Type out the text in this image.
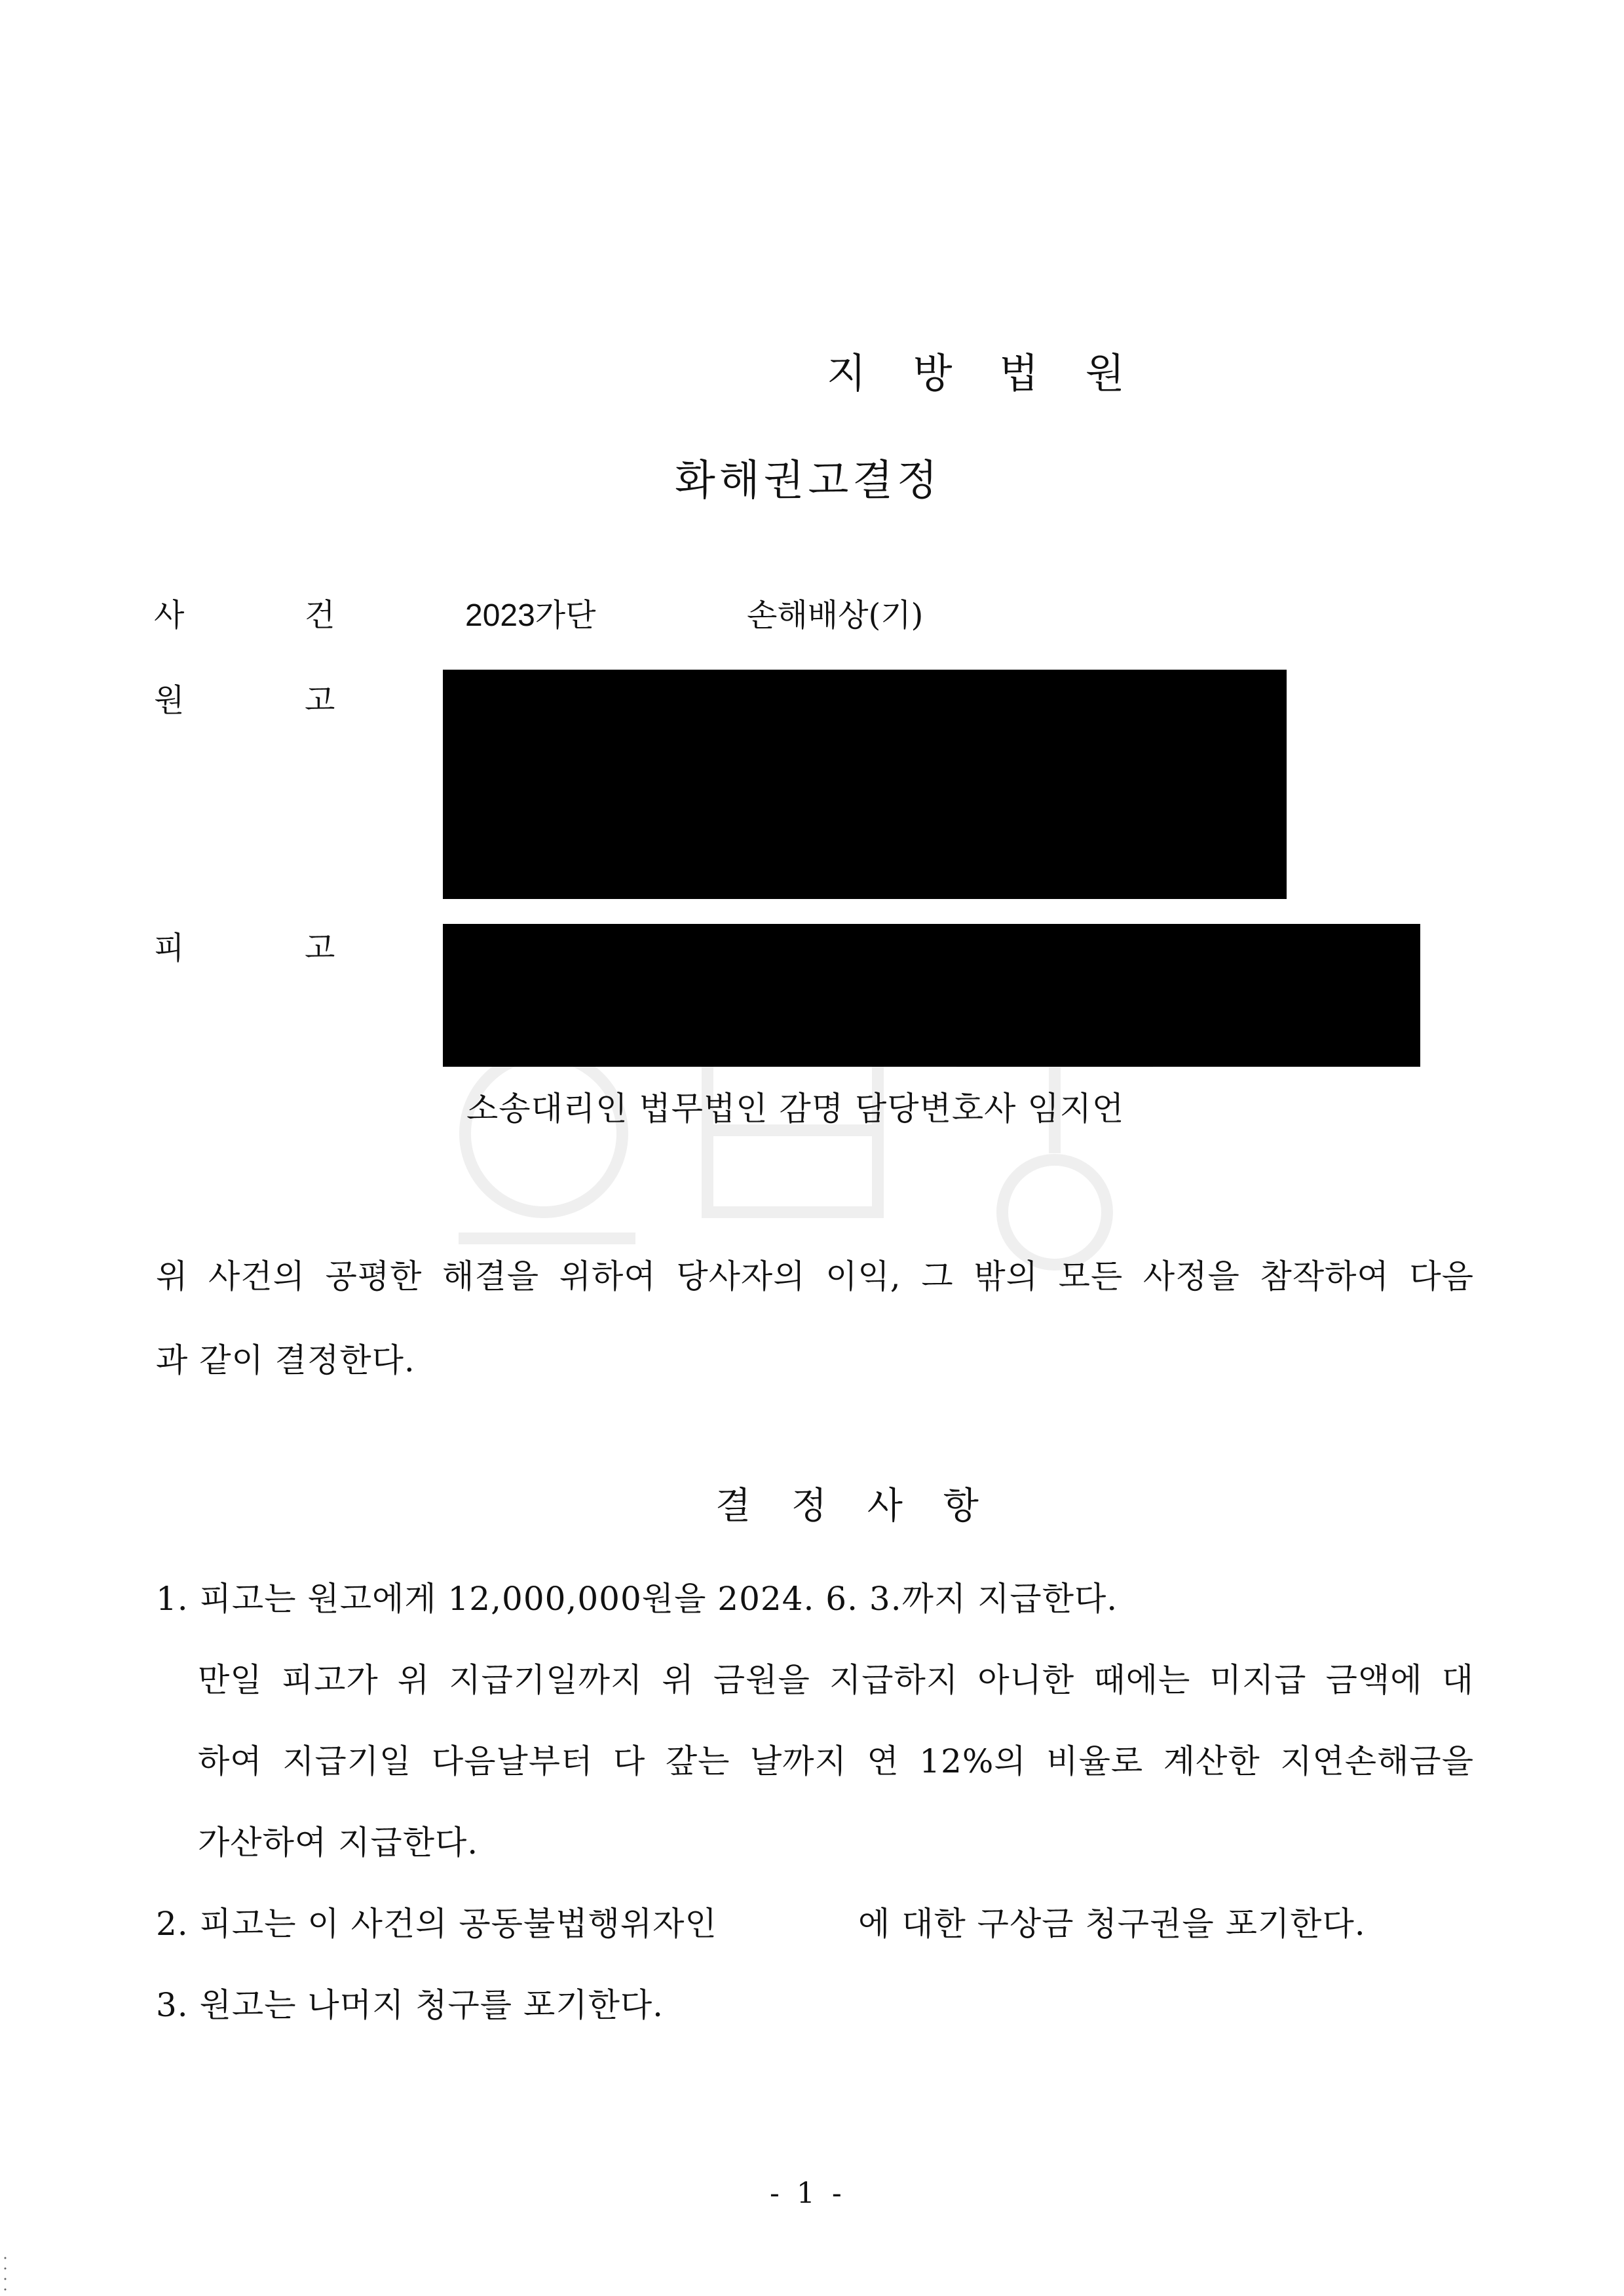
지 방 법 원
화해권고결정
사	건	2023가단	손해배상(기)
원	고
피	고
소송대리인 법무법인 감명 담당변호사 임지언
위 사건의 공평한 해결을 위하여 당사자의 이익, 그 밖의 모든 사정을 참작하여 다음
과 같이 결정한다.
결 정 사 항
1. 피고는 원고에게 12,000,000원을 2024. 6. 3.까지 지급한다.
만일 피고가 위 지급기일까지 위 금원을 지급하지 아니한 때에는 미지급 금액에 대
하여 지급기일 다음날부터 다 갚는 날까지 연 12%의 비율로 계산한 지연손해금을
가산하여 지급한다.
2. 피고는 이 사건의 공동불법행위자인	에 대한 구상금 청구권을 포기한다.
3. 원고는 나머지 청구를 포기한다.
- 1 -
